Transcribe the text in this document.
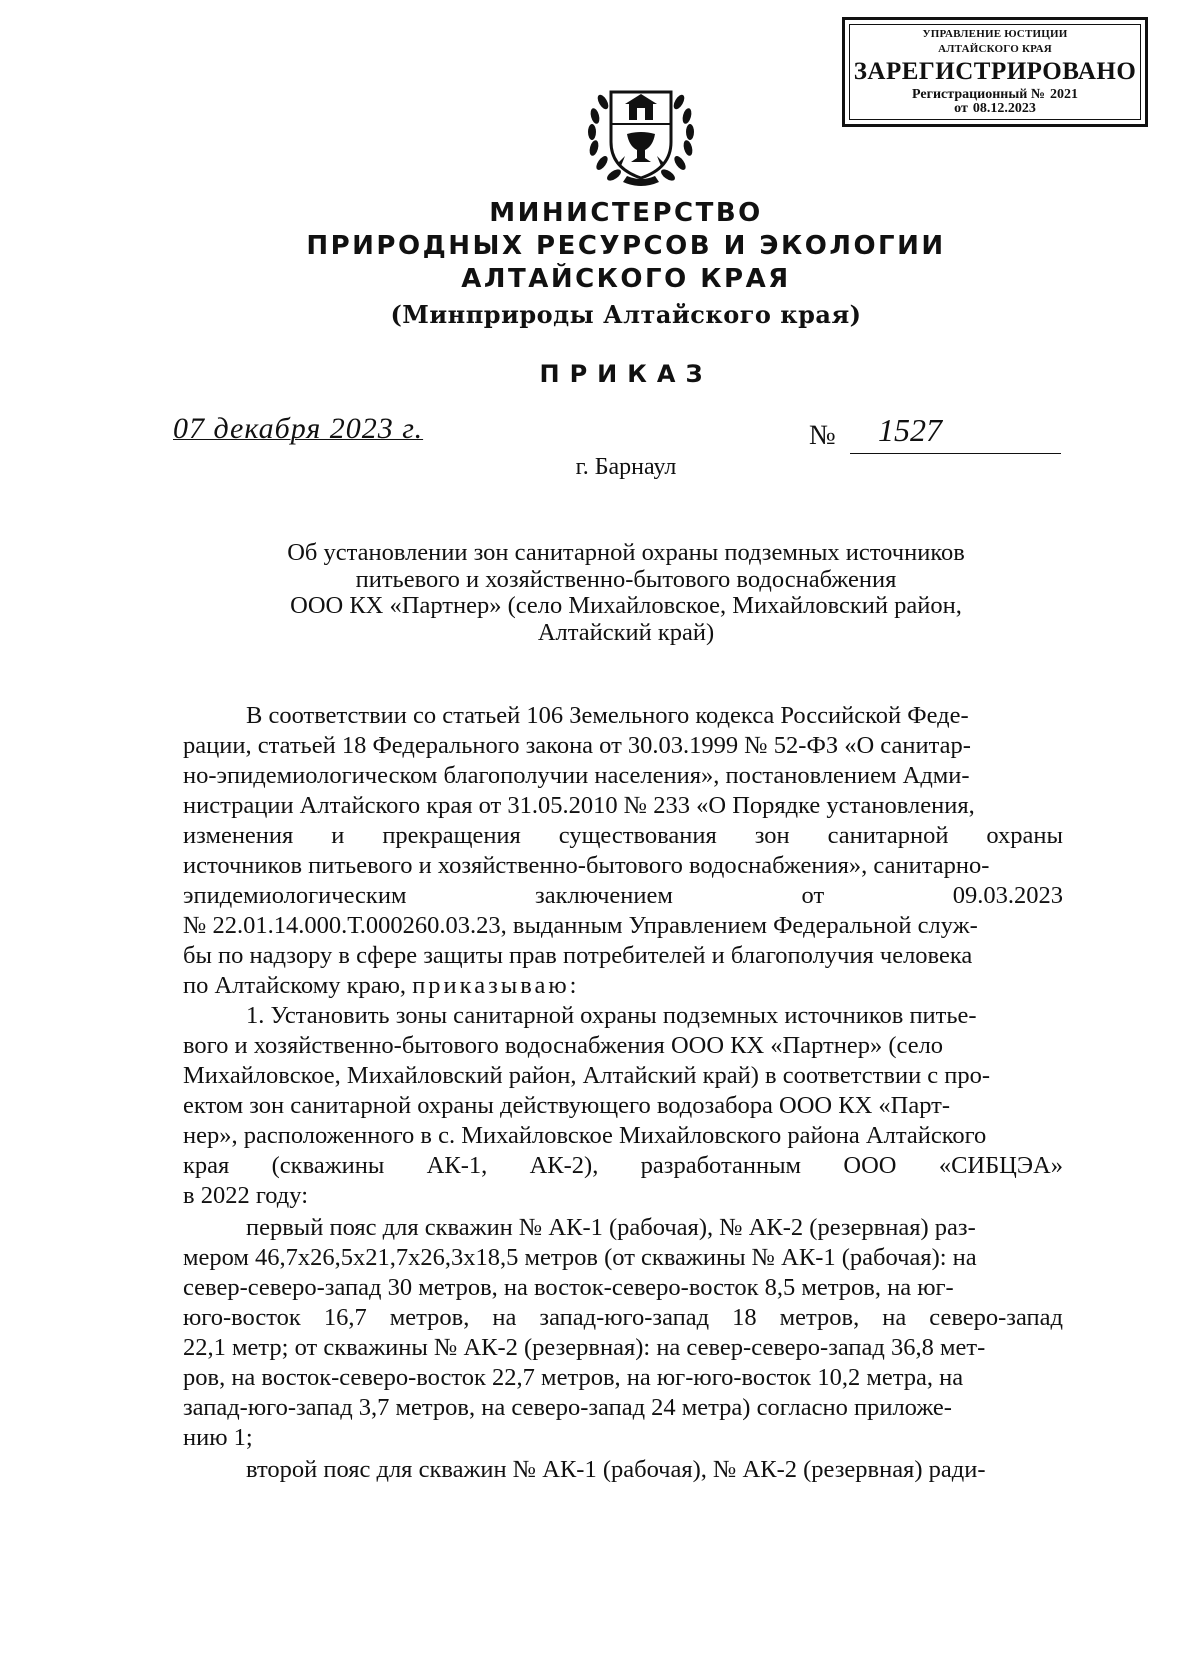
УПРАВЛЕНИЕ ЮСТИЦИИ
АЛТАЙСКОГО КРАЯ
ЗАРЕГИСТРИРОВАНО
Регистрационный № 2021
от 08.12.2023
МИНИСТЕРСТВО
ПРИРОДНЫХ РЕСУРСОВ И ЭКОЛОГИИ
АЛТАЙСКОГО КРАЯ
(Минприроды Алтайского края)
ПРИКАЗ
07 декабря 2023 г.	№ 1527
г. Барнаул
Об установлении зон санитарной охраны подземных источников
питьевого и хозяйственно-бытового водоснабжения
ООО КХ «Партнер» (село Михайловское, Михайловский район,
Алтайский край)
В соответствии со статьей 106 Земельного кодекса Российской Феде-
рации, статьей 18 Федерального закона от 30.03.1999 № 52-ФЗ «О санитар-
но-эпидемиологическом благополучии населения», постановлением Адми-
нистрации Алтайского края от 31.05.2010 № 233 «О Порядке установления,
изменения и прекращения существования зон санитарной охраны
источников питьевого и хозяйственно-бытового водоснабжения», санитарно-
эпидемиологическим заключением от 09.03.2023
№ 22.01.14.000.Т.000260.03.23, выданным Управлением Федеральной служ-
бы по надзору в сфере защиты прав потребителей и благополучия человека
по Алтайскому краю, приказываю:
1. Установить зоны санитарной охраны подземных источников питье-
вого и хозяйственно-бытового водоснабжения ООО КХ «Партнер» (село
Михайловское, Михайловский район, Алтайский край) в соответствии с про-
ектом зон санитарной охраны действующего водозабора ООО КХ «Парт-
нер», расположенного в с. Михайловское Михайловского района Алтайского
края (скважины АК-1, АК-2), разработанным ООО «СИБЦЭА»
в 2022 году:
первый пояс для скважин № АК-1 (рабочая), № АК-2 (резервная) раз-
мером 46,7х26,5х21,7х26,3х18,5 метров (от скважины № АК-1 (рабочая): на
север-северо-запад 30 метров, на восток-северо-восток 8,5 метров, на юг-
юго-восток 16,7 метров, на запад-юго-запад 18 метров, на северо-запад
22,1 метр; от скважины № АК-2 (резервная): на север-северо-запад 36,8 мет-
ров, на восток-северо-восток 22,7 метров, на юг-юго-восток 10,2 метра, на
запад-юго-запад 3,7 метров, на северо-запад 24 метра) согласно приложе-
нию 1;
второй пояс для скважин № АК-1 (рабочая), № АК-2 (резервная) ради-
